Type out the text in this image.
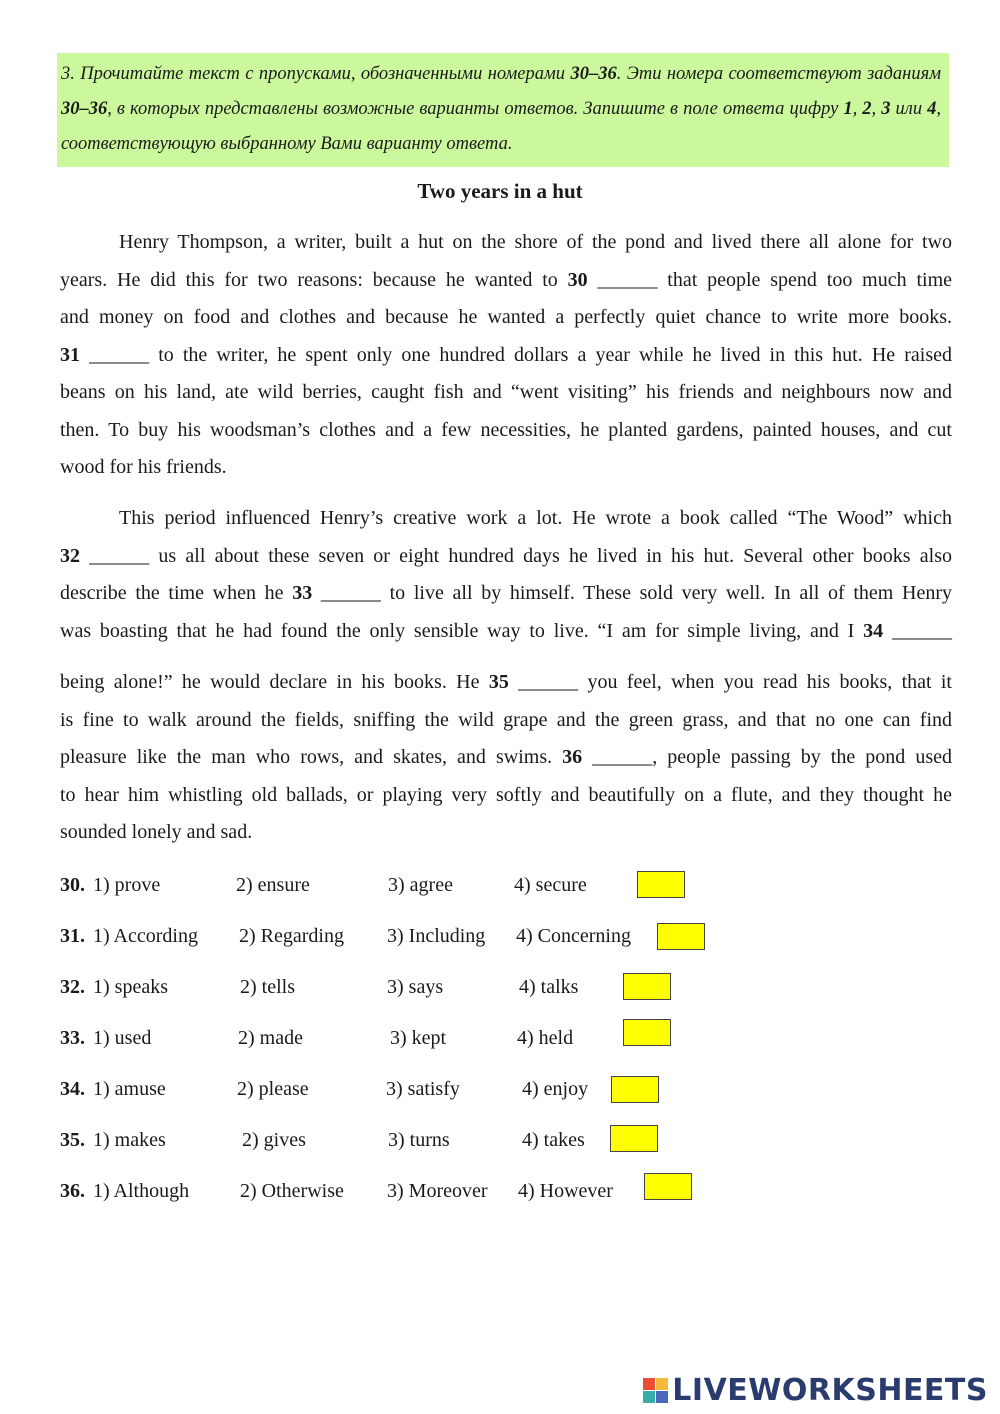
3. Прочитайте текст с пропусками, обозначенными номерами 30–36. Эти номера соответствуют заданиям 30–36, в которых представлены возможные варианты ответов. Запишите в поле ответа цифру 1, 2, 3 или 4, соответствующую выбранному Вами варианту ответа.
Two years in a hut
Henry Thompson, a writer, built a hut on the shore of the pond and lived there all alone for two
years. He did this for two reasons: because he wanted to 30 ______ that people spend too much time
and money on food and clothes and because he wanted a perfectly quiet chance to write more books.
31 ______ to the writer, he spent only one hundred dollars a year while he lived in this hut. He raised
beans on his land, ate wild berries, caught fish and “went visiting” his friends and neighbours now and
then. To buy his woodsman’s clothes and a few necessities, he planted gardens, painted houses, and cut
wood for his friends.
This period influenced Henry’s creative work a lot. He wrote a book called “The Wood” which
32 ______ us all about these seven or eight hundred days he lived in his hut. Several other books also
describe the time when he 33 ______ to live all by himself. These sold very well. In all of them Henry
was boasting that he had found the only sensible way to live. “I am for simple living, and I 34 ______
being alone!” he would declare in his books. He 35 ______ you feel, when you read his books, that it
is fine to walk around the fields, sniffing the wild grape and the green grass, and that no one can find
pleasure like the man who rows, and skates, and swims. 36 ______, people passing by the pond used
to hear him whistling old ballads, or playing very softly and beautifully on a flute, and they thought he
sounded lonely and sad.
30. 1) prove	2) ensure	3) agree	4) secure
31. 1) According 2) Regarding 3) Including 4) Concerning
32. 1) speaks	2) tells	3) says	4) talks
33. 1) used	2) made	3) kept	4) held
34. 1) amuse	2) please	3) satisfy	4) enjoy
35. 1) makes	2) gives	3) turns	4) takes
36. 1) Although	2) Otherwise 3) Moreover 4) However
LIVEWORKSHEETS
